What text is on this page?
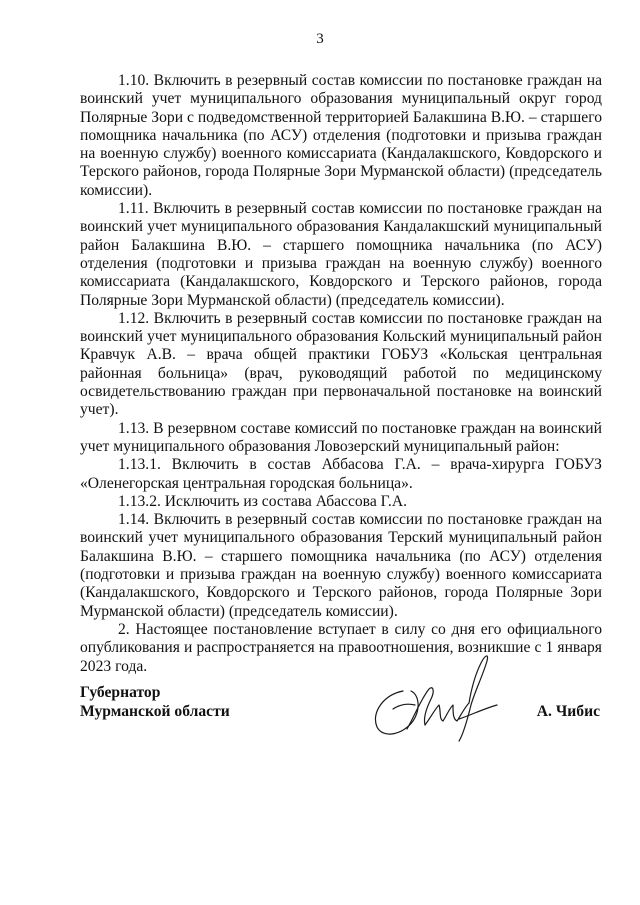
3

1.10. Включить в резервный состав комиссии по постановке граждан на воинский учет муниципального образования муниципальный округ город Полярные Зори с подведомственной территорией Балакшина В.Ю. – старшего помощника начальника (по АСУ) отделения (подготовки и призыва граждан на военную службу) военного комиссариата (Кандалакшского, Ковдорского и Терского районов, города Полярные Зори Мурманской области) (председатель комиссии).

1.11. Включить в резервный состав комиссии по постановке граждан на воинский учет муниципального образования Кандалакшский муниципальный район Балакшина В.Ю. – старшего помощника начальника (по АСУ) отделения (подготовки и призыва граждан на военную службу) военного комиссариата (Кандалакшского, Ковдорского и Терского районов, города Полярные Зори Мурманской области) (председатель комиссии).

1.12. Включить в резервный состав комиссии по постановке граждан на воинский учет муниципального образования Кольский муниципальный район Кравчук А.В. – врача общей практики ГОБУЗ «Кольская центральная районная больница» (врач, руководящий работой по медицинскому освидетельствованию граждан при первоначальной постановке на воинский учет).

1.13. В резервном составе комиссий по постановке граждан на воинский учет муниципального образования Ловозерский муниципальный район:

1.13.1. Включить в состав Аббасова Г.А. – врача-хирурга ГОБУЗ «Оленегорская центральная городская больница».

1.13.2. Исключить из состава Абассова Г.А.

1.14. Включить в резервный состав комиссии по постановке граждан на воинский учет муниципального образования Терский муниципальный район Балакшина В.Ю. – старшего помощника начальника (по АСУ) отделения (подготовки и призыва граждан на военную службу) военного комиссариата (Кандалакшского, Ковдорского и Терского районов, города Полярные Зори Мурманской области) (председатель комиссии).

2. Настоящее постановление вступает в силу со дня его официального опубликования и распространяется на правоотношения, возникшие с 1 января 2023 года.

Губернатор
Мурманской области	А. Чибис
